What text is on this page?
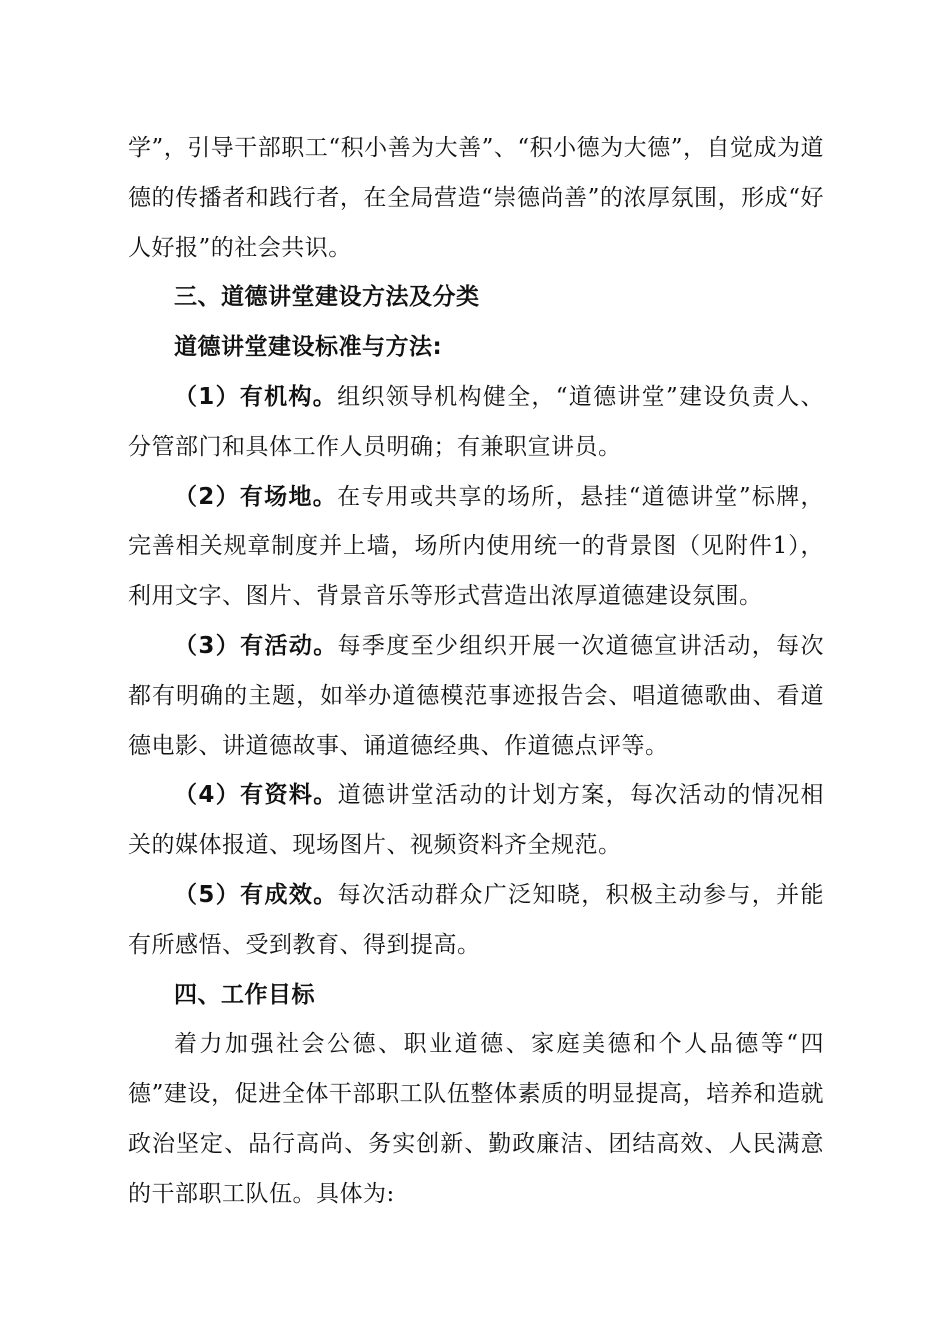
学”，引导干部职工“积小善为大善”、“积小德为大德”，自觉成为道德的传播者和践行者，在全局营造“崇德尚善”的浓厚氛围，形成“好人好报”的社会共识。

三、道德讲堂建设方法及分类

道德讲堂建设标准与方法:

（1）有机构。组织领导机构健全，“道德讲堂”建设负责人、分管部门和具体工作人员明确；有兼职宣讲员。

（2）有场地。在专用或共享的场所，悬挂“道德讲堂”标牌，完善相关规章制度并上墙，场所内使用统一的背景图（见附件1），利用文字、图片、背景音乐等形式营造出浓厚道德建设氛围。

（3）有活动。每季度至少组织开展一次道德宣讲活动，每次都有明确的主题，如举办道德模范事迹报告会、唱道德歌曲、看道德电影、讲道德故事、诵道德经典、作道德点评等。

（4）有资料。道德讲堂活动的计划方案，每次活动的情况相关的媒体报道、现场图片、视频资料齐全规范。

（5）有成效。每次活动群众广泛知晓，积极主动参与，并能有所感悟、受到教育、得到提高。

四、工作目标

着力加强社会公德、职业道德、家庭美德和个人品德等“四德”建设，促进全体干部职工队伍整体素质的明显提高，培养和造就政治坚定、品行高尚、务实创新、勤政廉洁、团结高效、人民满意的干部职工队伍。具体为:
